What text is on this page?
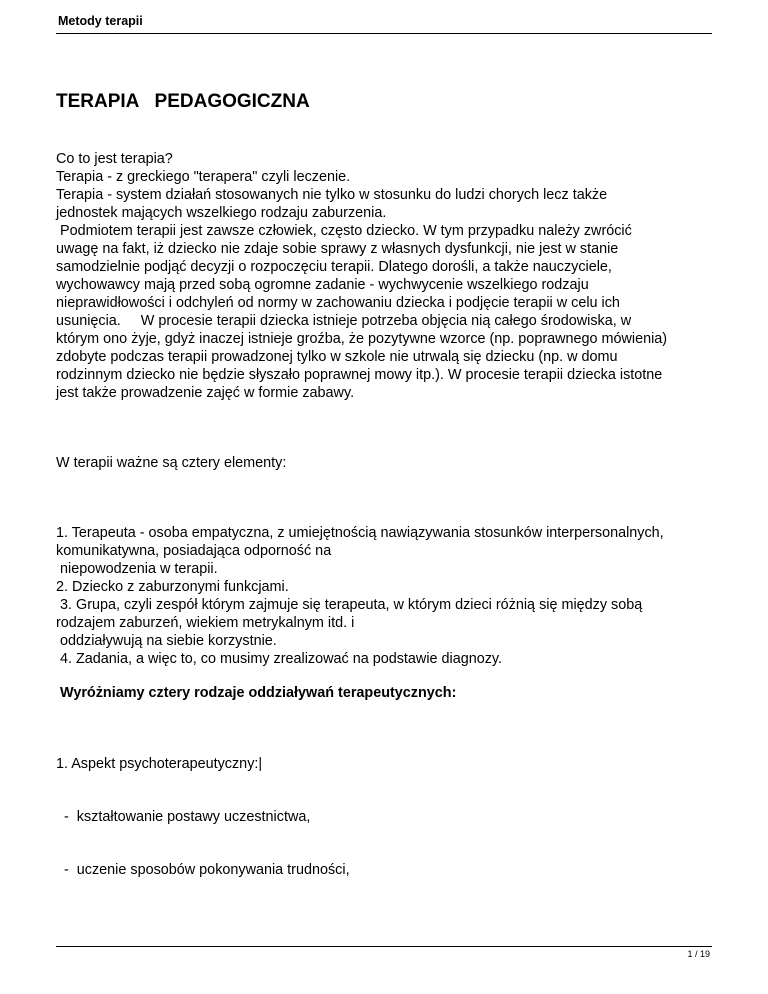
Metody terapii
TERAPIA   PEDAGOGICZNA
Co to jest terapia?
Terapia - z greckiego "terapera" czyli leczenie.
Terapia - system działań stosowanych nie tylko w stosunku do ludzi chorych lecz także
jednostek mających wszelkiego rodzaju zaburzenia.
Podmiotem terapii jest zawsze człowiek, często dziecko. W tym przypadku należy zwrócić
uwagę na fakt, iż dziecko nie zdaje sobie sprawy z własnych dysfunkcji, nie jest w stanie
samodzielnie podjąć decyzji o rozpoczęciu terapii. Dlatego dorośli, a także nauczyciele,
wychowawcy mają przed sobą ogromne zadanie - wychwycenie wszelkiego rodzaju
nieprawidłowości i odchyleń od normy w zachowaniu dziecka i podjęcie terapii w celu ich
usunięcia.     W procesie terapii dziecka istnieje potrzeba objęcia nią całego środowiska, w
którym ono żyje, gdyż inaczej istnieje groźba, że pozytywne wzorce (np. poprawnego mówienia)
zdobyte podczas terapii prowadzonej tylko w szkole nie utrwalą się dziecku (np. w domu
rodzinnym dziecko nie będzie słyszało poprawnej mowy itp.). W procesie terapii dziecka istotne
jest także prowadzenie zajęć w formie zabawy.
W terapii ważne są cztery elementy:
1. Terapeuta - osoba empatyczna, z umiejętnością nawiązywania stosunków interpersonalnych,
komunikatywna, posiadająca odporność na
niepowodzenia w terapii.
2. Dziecko z zaburzonymi funkcjami.
3. Grupa, czyli zespół którym zajmuje się terapeuta, w którym dzieci różnią się między sobą
rodzajem zaburzeń, wiekiem metrykalnym itd. i
oddziaływują na siebie korzystnie.
4. Zadania, a więc to, co musimy zrealizować na podstawie diagnozy.
Wyróżniamy cztery rodzaje oddziaływań terapeutycznych:
1. Aspekt psychoterapeutyczny:|
-  kształtowanie postawy uczestnictwa,
-  uczenie sposobów pokonywania trudności,
1 / 19
